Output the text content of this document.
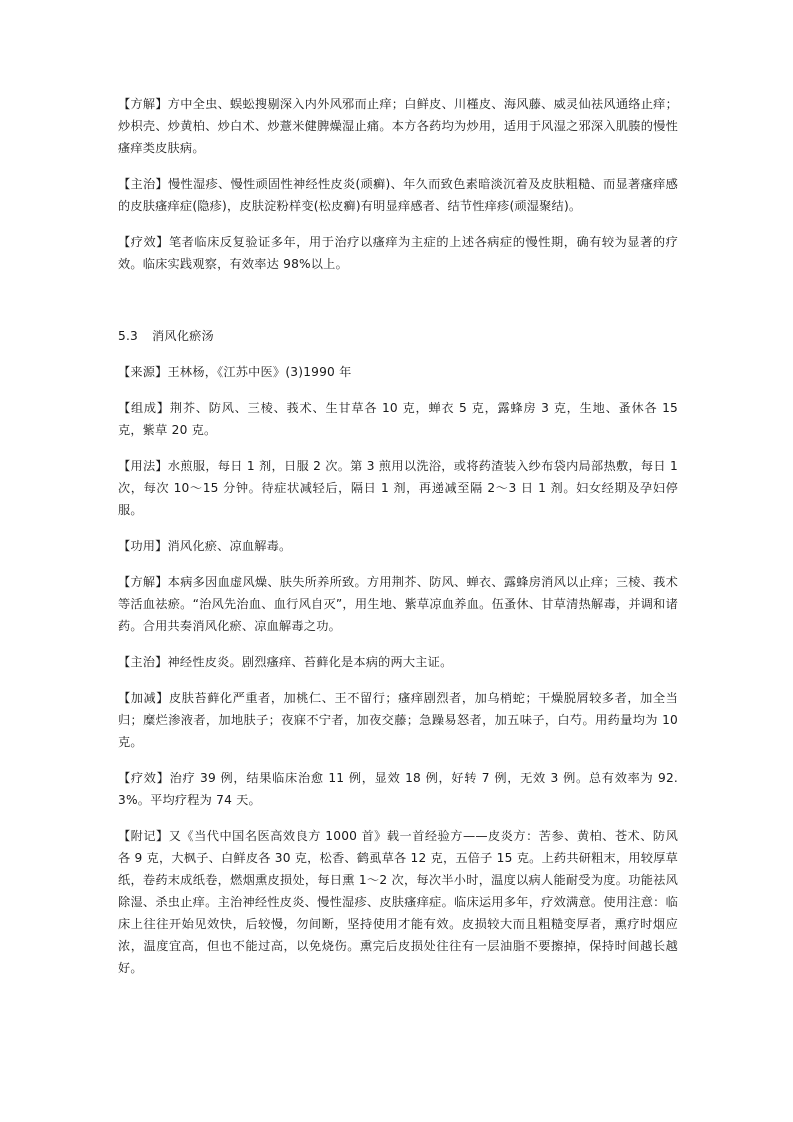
【方解】方中全虫、蜈蚣搜剔深入内外风邪而止痒；白鲜皮、川槿皮、海风藤、威灵仙祛风通络止痒；炒枳壳、炒黄柏、炒白术、炒薏米健脾燥湿止痛。本方各药均为炒用，适用于风湿之邪深入肌腠的慢性瘙痒类皮肤病。

【主治】慢性湿疹、慢性顽固性神经性皮炎(顽癣)、年久而致色素暗淡沉着及皮肤粗糙、而显著瘙痒感的皮肤瘙痒症(隐疹)，皮肤淀粉样变(松皮癣)有明显痒感者、结节性痒疹(顽湿聚结)。

【疗效】笔者临床反复验证多年，用于治疗以瘙痒为主症的上述各病症的慢性期，确有较为显著的疗效。临床实践观察，有效率达 98%以上。

5.3 消风化瘀汤

【来源】王林杨，《江苏中医》(3)1990 年

【组成】荆芥、防风、三棱、莪术、生甘草各 10 克，蝉衣 5 克，露蜂房 3 克，生地、蚤休各 15 克，紫草 20 克。

【用法】水煎服，每日 1 剂，日服 2 次。第 3 煎用以洗浴，或将药渣装入纱布袋内局部热敷，每日 1 次，每次 10～15 分钟。待症状减轻后，隔日 1 剂，再递减至隔 2～3 日 1 剂。妇女经期及孕妇停服。

【功用】消风化瘀、凉血解毒。

【方解】本病多因血虚风燥、肤失所养所致。方用荆芥、防风、蝉衣、露蜂房消风以止痒；三棱、莪术等活血祛瘀。“治风先治血、血行风自灭”，用生地、紫草凉血养血。伍蚤休、甘草清热解毒，并调和诸药。合用共奏消风化瘀、凉血解毒之功。

【主治】神经性皮炎。剧烈瘙痒、苔藓化是本病的两大主证。

【加减】皮肤苔藓化严重者，加桃仁、王不留行；瘙痒剧烈者，加乌梢蛇；干燥脱屑较多者，加全当归；糜烂渗液者，加地肤子；夜寐不宁者，加夜交藤；急躁易怒者，加五味子，白芍。用药量均为 10 克。

【疗效】治疗 39 例，结果临床治愈 11 例，显效 18 例，好转 7 例，无效 3 例。总有效率为 92.3%。平均疗程为 74 天。

【附记】又《当代中国名医高效良方 1000 首》载一首经验方——皮炎方：苦参、黄柏、苍术、防风各 9 克，大枫子、白鲜皮各 30 克，松香、鹤虱草各 12 克，五倍子 15 克。上药共研粗末，用较厚草纸，卷药末成纸卷，燃烟熏皮损处，每日熏 1～2 次，每次半小时，温度以病人能耐受为度。功能祛风除湿、杀虫止痒。主治神经性皮炎、慢性湿疹、皮肤瘙痒症。临床运用多年，疗效满意。使用注意：临床上往往开始见效快，后较慢，勿间断，坚持使用才能有效。皮损较大而且粗糙变厚者，熏疗时烟应浓，温度宜高，但也不能过高，以免烧伤。熏完后皮损处往往有一层油脂不要擦掉，保持时间越长越好。
